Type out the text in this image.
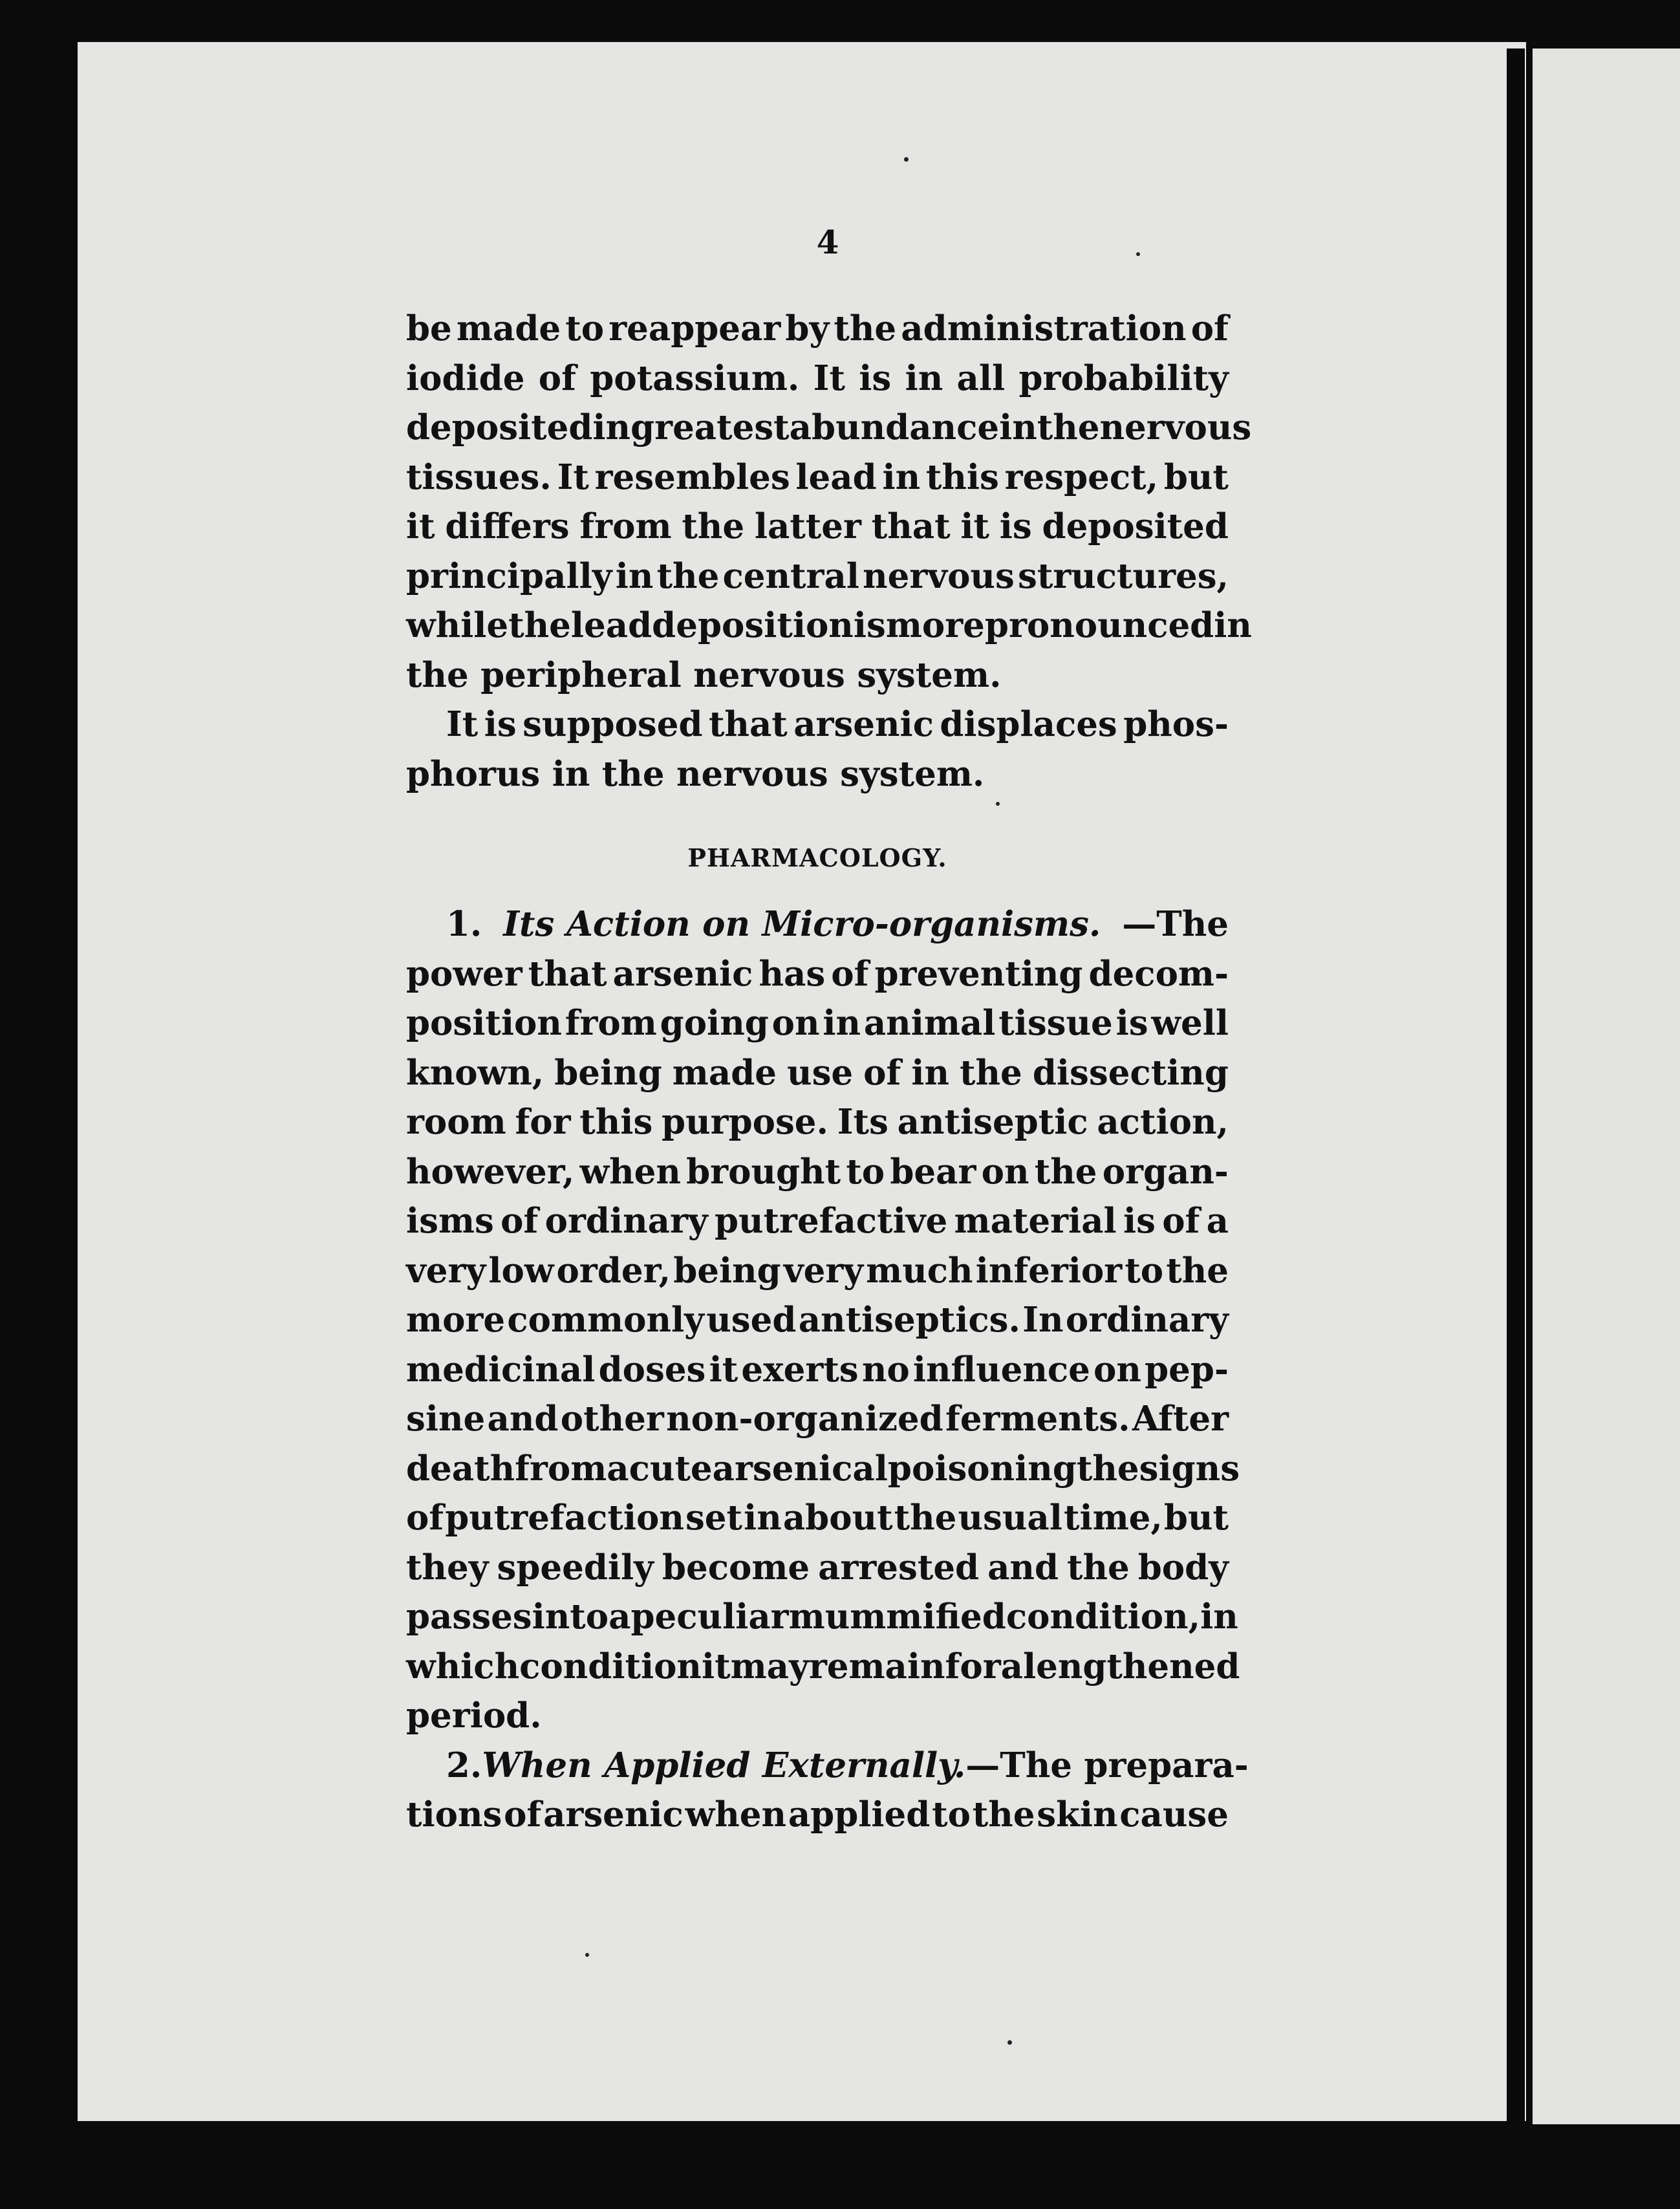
4
be made to reappear by the administration of
iodide of potassium. It is in all probability
deposited in greatest abundance in the nervous
tissues. It resembles lead in this respect, but
it differs from the latter that it is deposited
principally in the central nervous structures,
while the lead deposition is more pronounced in
the peripheral nervous system.
It is supposed that arsenic displaces phos-
phorus in the nervous system.
PHARMACOLOGY.
1. Its Action on Micro-organisms. —The
power that arsenic has of preventing decom-
position from going on in animal tissue is well
known, being made use of in the dissecting
room for this purpose. Its antiseptic action,
however, when brought to bear on the organ-
isms of ordinary putrefactive material is of a
very low order, being very much inferior to the
more commonly used antiseptics. In ordinary
medicinal doses it exerts no influence on pep-
sine and other non-organized ferments. After
death from acute arsenical poisoning the signs
of putrefaction set in about the usual time, but
they speedily become arrested and the body
passes into a peculiar mummified condition, in
which condition it may remain for a lengthened
period.
2. When Applied Externally. —The prepara-
tions of arsenic when applied to the skin cause
